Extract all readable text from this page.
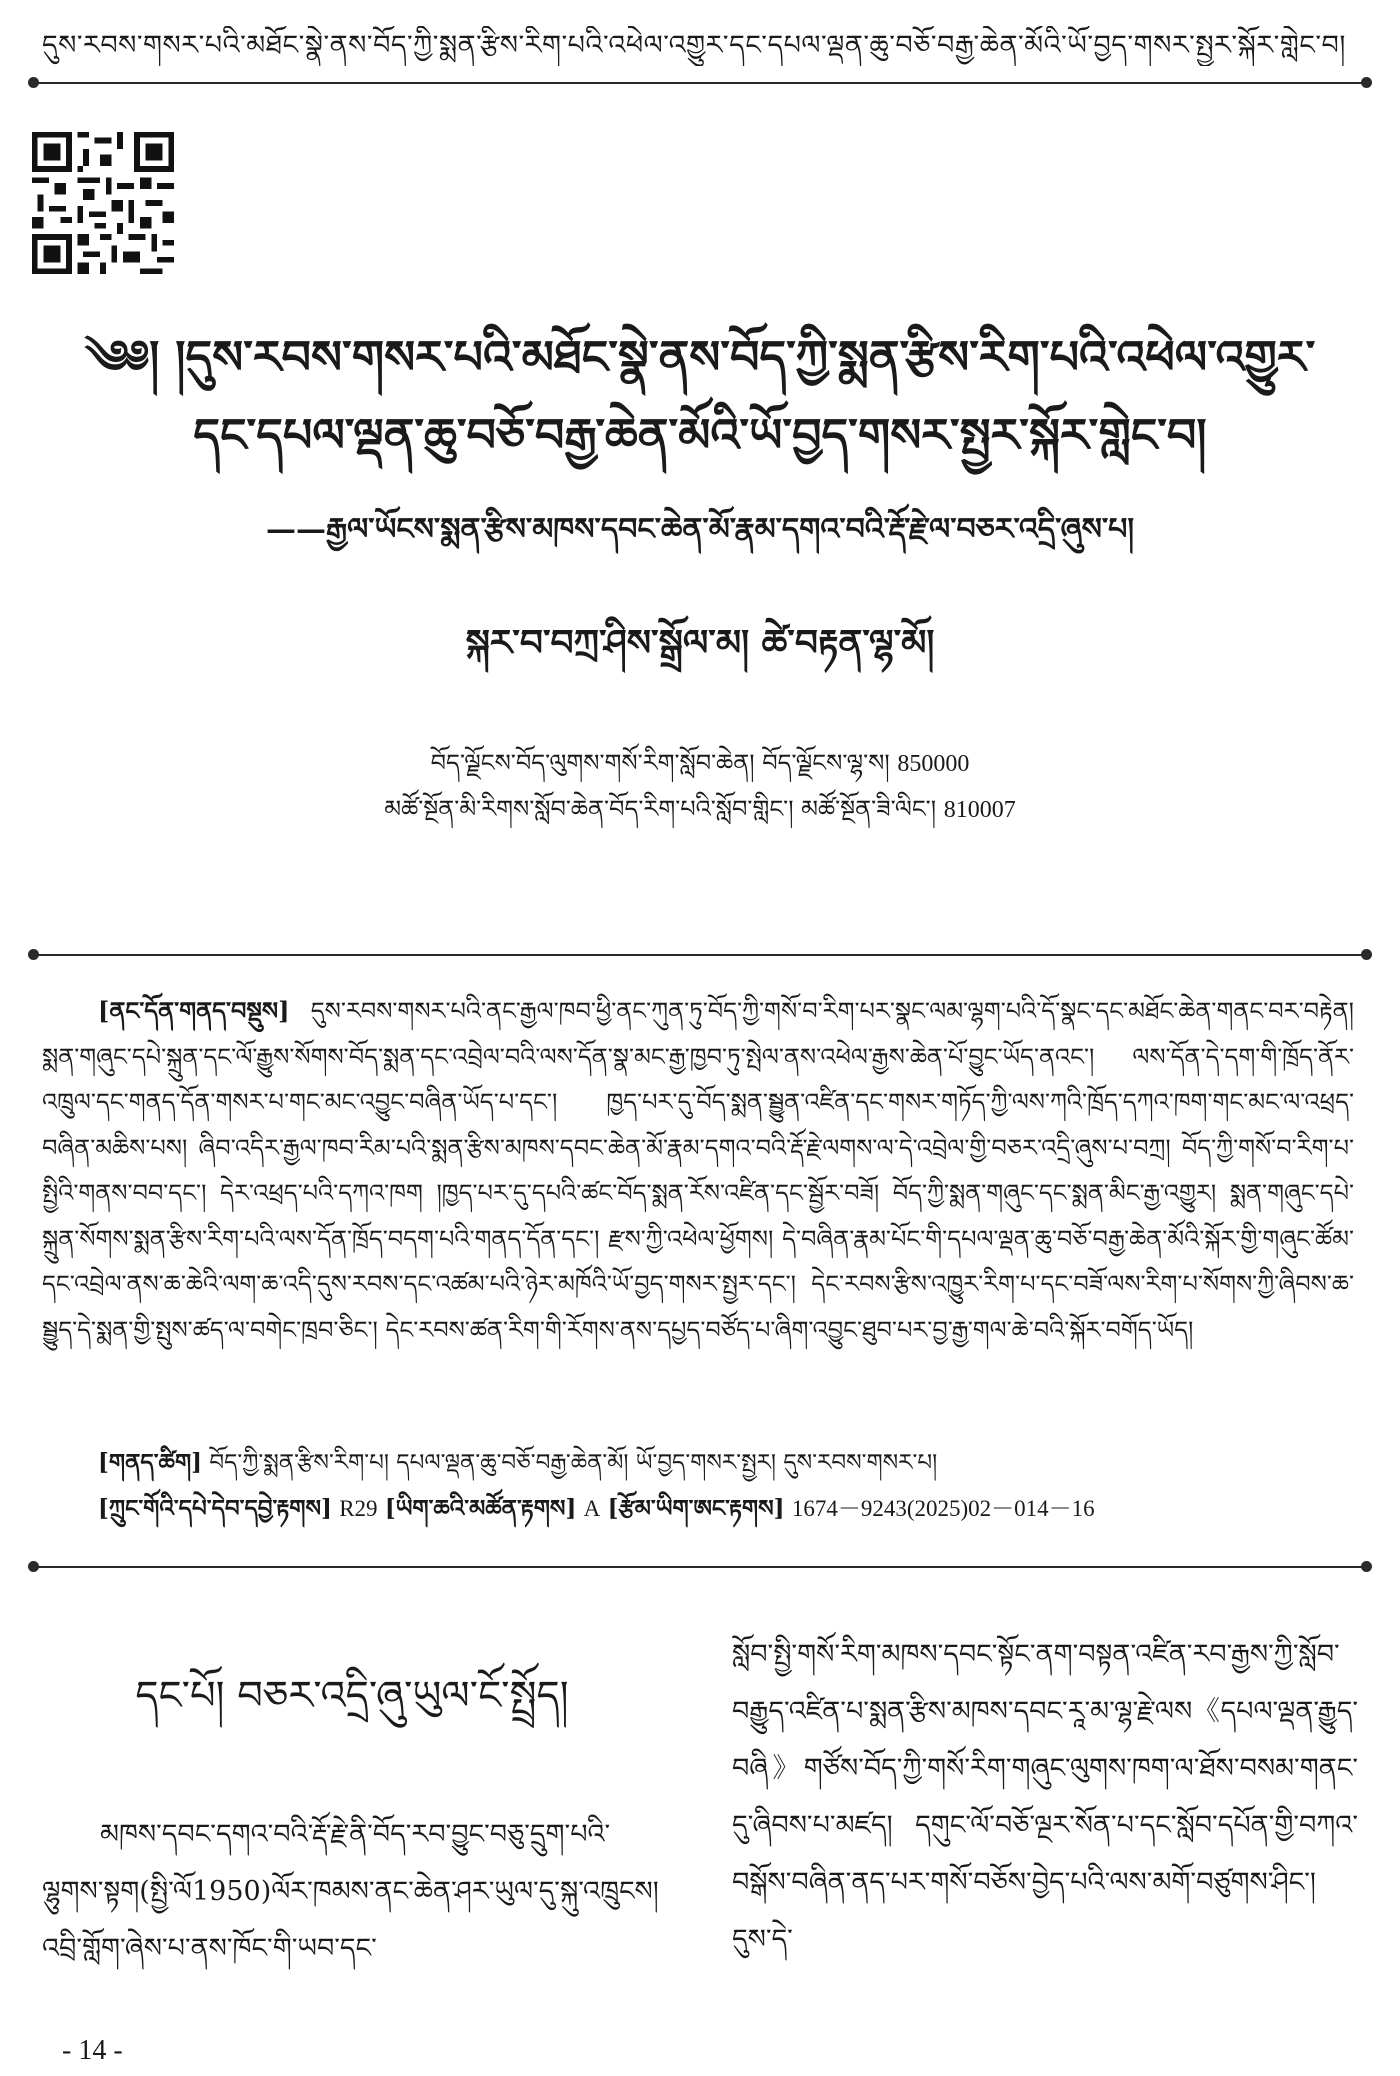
དུས་རབས་གསར་པའི་མཐོང་སྣེ་ནས་བོད་ཀྱི་སྨན་རྩིས་རིག་པའི་འཕེལ་འགྱུར་དང་དཔལ་ལྡན་ཆུ་བཅོ་བརྒྱ་ཆེན་མོའི་ཡོ་བྱད་གསར་སྤྱར་སྐོར་གླེང་བ།
༄༅། །དུས་རབས་གསར་པའི་མཐོང་སྣེ་ནས་བོད་ཀྱི་སྨན་རྩིས་རིག་པའི་འཕེལ་འགྱུར་
དང་དཔལ་ལྡན་ཆུ་བཅོ་བརྒྱ་ཆེན་མོའི་ཡོ་བྱད་གསར་སྤྱར་སྐོར་གླེང་བ།
——རྒྱལ་ཡོངས་སྨན་རྩིས་མཁས་དབང་ཆེན་མོ་རྣམ་དགའ་བའི་རྡོ་རྗེ་ལ་བཅར་འདྲི་ཞུས་པ།
སྐར་བ་བཀྲ་ཤིས་སྒྲོལ་མ། ཚེ་བརྟན་ལྷ་མོ།
བོད་ལྗོངས་བོད་ལུགས་གསོ་རིག་སློབ་ཆེན། བོད་ལྗོངས་ལྷ་ས། 850000
མཚོ་སྔོན་མི་རིགས་སློབ་ཆེན་བོད་རིག་པའི་སློབ་གླིང་། མཚོ་སྔོན་ཟི་ལིང་། 810007

[ནང་དོན་གནད་བསྡུས] དུས་རབས་གསར་པའི་ནང་རྒྱལ་ཁབ་ཕྱི་ནང་ཀུན་ཏུ་བོད་ཀྱི་གསོ་བ་རིག་པར་སྣང་ལམ་ལྷག་པའི་དོ་སྣང་དང་མཐོང་ཆེན་གནང་བར་བརྟེན། སྨན་གཞུང་དཔེ་སྐྲུན་དང་ལོ་རྒྱུས་སོགས་བོད་སྨན་དང་འབྲེལ་བའི་ལས་དོན་སྣ་མང་རྒྱ་ཁྱབ་ཏུ་སྤེལ་ནས་འཕེལ་རྒྱས་ཆེན་པོ་བྱུང་ཡོད་ནའང་། ལས་དོན་དེ་དག་གི་ཁྲོད་ནོར་འཁྲུལ་དང་གནད་དོན་གསར་པ་གང་མང་འབྱུང་བཞིན་ཡོད་པ་དང་། ཁྱད་པར་དུ་བོད་སྨན་སྦྱུན་འཛིན་དང་གསར་གཏོད་ཀྱི་ལས་ཀའི་ཁྲོད་དཀའ་ཁག་གང་མང་ལ་འཕྲད་བཞིན་མཆིས་པས། ཞིབ་འདིར་རྒྱལ་ཁབ་རིམ་པའི་སྨན་རྩིས་མཁས་དབང་ཆེན་མོ་རྣམ་དགའ་བའི་རྡོ་རྗེ་ལགས་ལ་དེ་འབྲེལ་གྱི་བཅར་འདྲི་ཞུས་པ་བཀྲ། བོད་ཀྱི་གསོ་བ་རིག་པ་སྤྱིའི་གནས་བབ་དང་། དེར་འཕྲད་པའི་དཀའ་ཁག །ཁྱད་པར་དུ་དཔའི་ཚང་བོད་སྨན་རོས་འཛིན་དང་སྦྱོར་བཟོ། བོད་ཀྱི་སྨན་གཞུང་དང་སྨན་མིང་རྒྱ་འགྱུར། སྨན་གཞུང་དཔེ་སྐྲུན་སོགས་སྨན་རྩིས་རིག་པའི་ལས་དོན་ཁྲོད་བདག་པའི་གནད་དོན་དང་། རྫས་ཀྱི་འཕེལ་ཕྱོགས། དེ་བཞིན་རྣམ་པོང་གི་དཔལ་ལྡན་ཆུ་བཅོ་བརྒྱ་ཆེན་མོའི་སྐོར་གྱི་གཞུང་ཚོམ་དང་འབྲེལ་ནས་ཆ་ཆེའི་ལག་ཆ་འདི་དུས་རབས་དང་འཚམ་པའི་ཉེར་མཁོའི་ཡོ་བྱད་གསར་སྤྱར་དང་། དེང་རབས་རྩིས་འཁྱུར་རིག་པ་དང་བཟོ་ལས་རིག་པ་སོགས་ཀྱི་ཞིབས་ཆ་སྦྱུད་དེ་སྨན་གྱི་སྤུས་ཚད་ལ་བགེང་ཁྲབ་ཅིང་། དེང་རབས་ཚན་རིག་གི་རོགས་ནས་དཔྱད་བཙོད་པ་ཞིག་འབྱུང་ཐུབ་པར་བྱ་རྒྱ་གལ་ཆེ་བའི་སྐོར་བགོད་ཡོད།

[གནད་ཚིག] བོད་ཀྱི་སྨན་རྩིས་རིག་པ། དཔལ་ལྡན་ཆུ་བཅོ་བརྒྱ་ཆེན་མོ། ཡོ་བྱད་གསར་སྤྱར། དུས་རབས་གསར་པ།
[ཀྲུང་གོའི་དཔེ་དེབ་དབྱེ་རྟགས] R29 [ཡིག་ཆའི་མཚོན་རྟགས] A [རྩོམ་ཡིག་ཨང་རྟགས] 1674－9243(2025)02－014－16
དང་པོ། བཅར་འདྲི་ཞུ་ཡུལ་ངོ་སྤྲོད།
མཁས་དབང་དགའ་བའི་རྡོ་རྗེ་ནི་བོད་རབ་བྱུང་བཅུ་དྲུག་པའི་ལྷུགས་སྟག(སྤྱི་ལོ1950)ལོར་ཁམས་ནང་ཆེན་ཤར་ཡུལ་དུ་སྐུ་འཁྲུངས། འབྲི་གློག་ཞེས་པ་ནས་ཁོང་གི་ཡབ་དང་
སློབ་སྤྱི་གསོ་རིག་མཁས་དབང་སྟོང་ནག་བསྟན་འཛིན་རབ་རྒྱས་ཀྱི་སློབ་བརྒྱུད་འཛིན་པ་སྨན་རྩིས་མཁས་དབང་རཱ་མ་ལྷ་རྗེ་ལས《དཔལ་ལྡན་རྒྱུད་བཞི》གཙོས་བོད་ཀྱི་གསོ་རིག་གཞུང་ལུགས་ཁག་ལ་ཐོས་བསམ་གནང་དུ་ཞིབས་པ་མཛད། དགུང་ལོ་བཅོ་ལྔར་སོན་པ་དང་སློབ་དཔོན་གྱི་བཀའ་བསྒོས་བཞིན་ནད་པར་གསོ་བཅོས་བྱེད་པའི་ལས་མགོ་བཙུགས་ཤིང་། དུས་དེ་
- 14 -
